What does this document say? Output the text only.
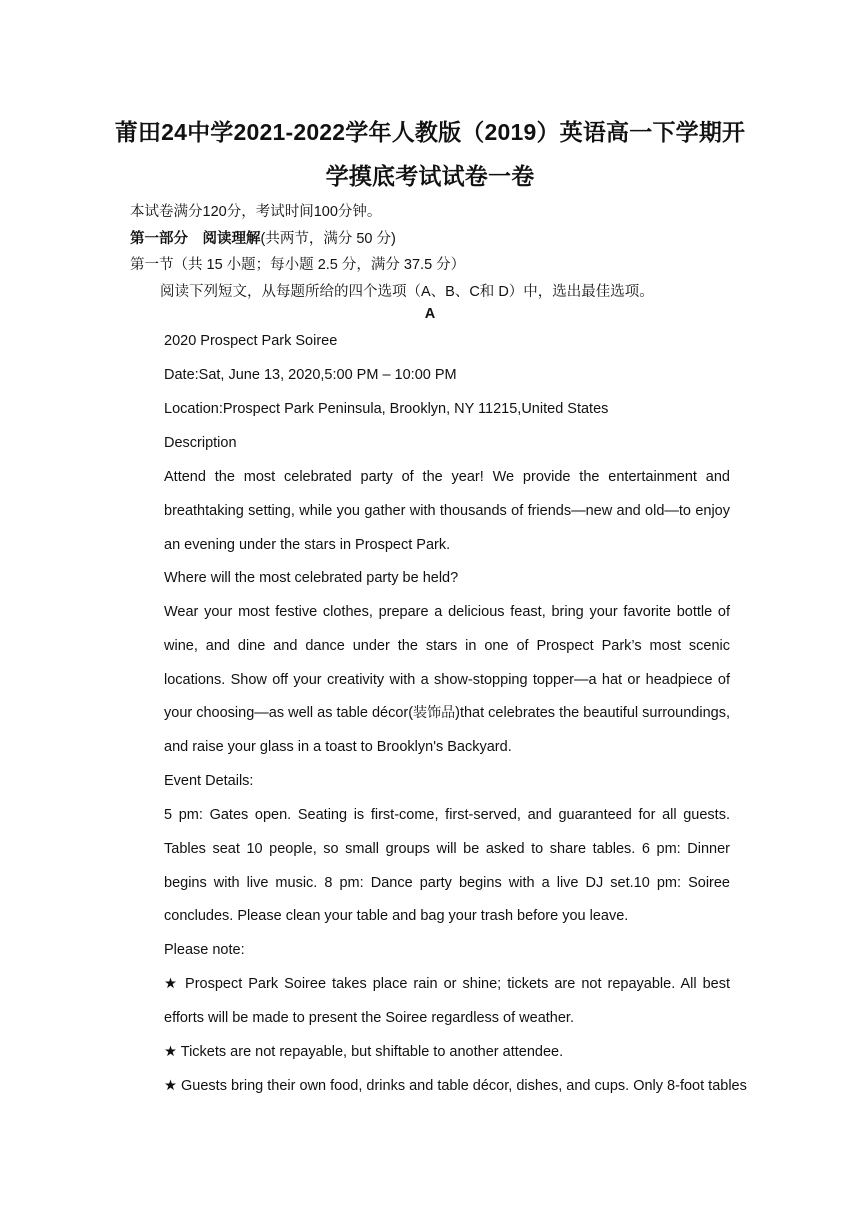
莆田24中学2021-2022学年人教版（2019）英语高一下学期开
学摸底考试试卷一卷
本试卷满分120分，考试时间100分钟。
第一部分　阅读理解(共两节，满分 50 分)
第一节（共 15 小题；每小题 2.5 分，满分 37.5 分）
阅读下列短文，从每题所给的四个选项（A、B、C和 D）中，选出最佳选项。
A
2020 Prospect Park Soiree
Date:Sat, June 13, 2020,5:00 PM – 10:00 PM
Location:Prospect Park Peninsula, Brooklyn, NY 11215,United States
Description
Attend the most celebrated party of the year! We provide the entertainment and breathtaking setting, while you gather with thousands of friends—new and old—to enjoy an evening under the stars in Prospect Park.
Where will the most celebrated party be held?
Wear your most festive clothes, prepare a delicious feast, bring your favorite bottle of wine, and dine and dance under the stars in one of Prospect Park’s most scenic locations. Show off your creativity with a show-stopping topper—a hat or headpiece of your choosing—as well as table décor(装饰品)that celebrates the beautiful surroundings, and raise your glass in a toast to Brooklyn's Backyard.
Event Details:
5 pm: Gates open. Seating is first-come, first-served, and guaranteed for all guests. Tables seat 10 people, so small groups will be asked to share tables. 6 pm: Dinner begins with live music. 8 pm: Dance party begins with a live DJ set.10 pm: Soiree concludes. Please clean your table and bag your trash before you leave.
Please note:
★ Prospect Park Soiree takes place rain or shine; tickets are not repayable. All best efforts will be made to present the Soiree regardless of weather.
★ Tickets are not repayable, but shiftable to another attendee.
★ Guests bring their own food, drinks and table décor, dishes, and cups. Only 8-foot tables
